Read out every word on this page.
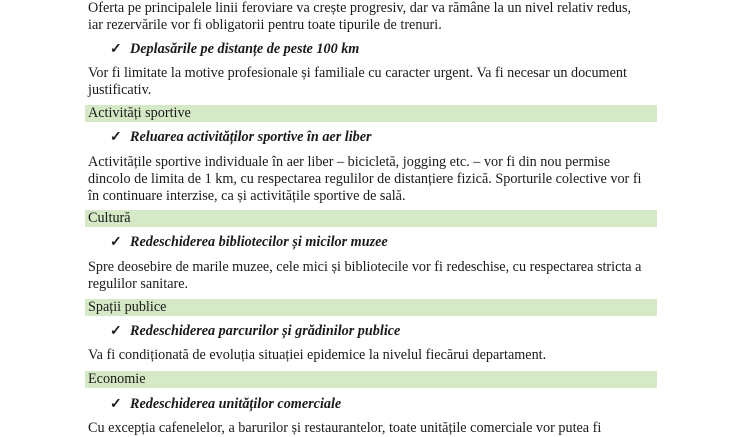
Oferta pe principalele linii feroviare va crește progresiv, dar va rămâne la un nivel relativ redus,
iar rezervările vor fi obligatorii pentru toate tipurile de trenuri.

✓ Deplasările pe distanțe de peste 100 km

Vor fi limitate la motive profesionale și familiale cu caracter urgent. Va fi necesar un document
justificativ.

Activități sportive
✓ Reluarea activităților sportive în aer liber

Activitățile sportive individuale în aer liber – bicicletă, jogging etc. – vor fi din nou permise
dincolo de limita de 1 km, cu respectarea regulilor de distanțiere fizică. Sporturile colective vor fi
în continuare interzise, ca și activitățile sportive de sală.

Cultură
✓ Redeschiderea bibliotecilor și micilor muzee

Spre deosebire de marile muzee, cele mici și bibliotecile vor fi redeschise, cu respectarea stricta a
regulilor sanitare.

Spații publice
✓ Redeschiderea parcurilor și grădinilor publice

Va fi condiționată de evoluția situației epidemice la nivelul fiecărui departament.

Economie
✓ Redeschiderea unităților comerciale

Cu excepția cafenelelor, a barurilor și restaurantelor, toate unitățile comerciale vor putea fi
